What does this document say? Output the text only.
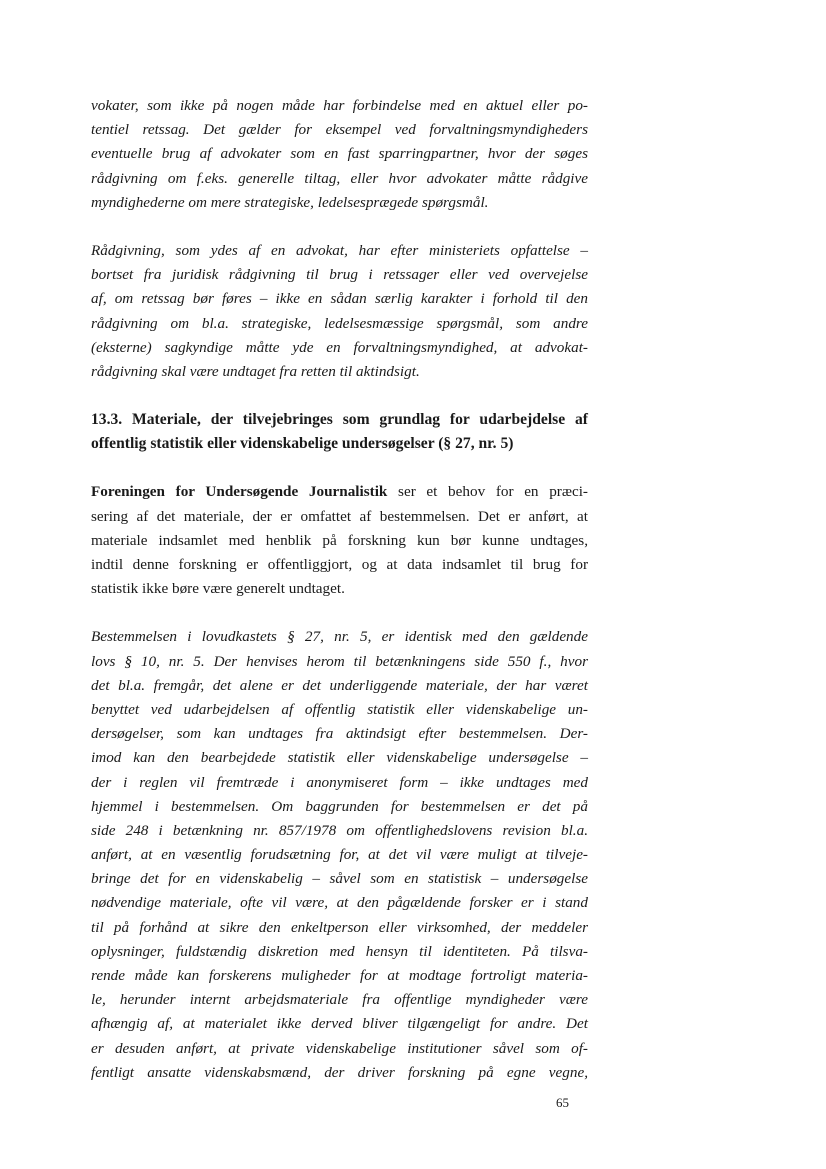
vokater, som ikke på nogen måde har forbindelse med en aktuel eller po-
tentiel retssag. Det gælder for eksempel ved forvaltningsmyndigheders
eventuelle brug af advokater som en fast sparringpartner, hvor der søges
rådgivning om f.eks. generelle tiltag, eller hvor advokater måtte rådgive
myndighederne om mere strategiske, ledelsesprægede spørgsmål.
Rådgivning, som ydes af en advokat, har efter ministeriets opfattelse –
bortset fra juridisk rådgivning til brug i retssager eller ved overvejelse
af, om retssag bør føres – ikke en sådan særlig karakter i forhold til den
rådgivning om bl.a. strategiske, ledelsesmæssige spørgsmål, som andre
(eksterne) sagkyndige måtte yde en forvaltningsmyndighed, at advokat-
rådgivning skal være undtaget fra retten til aktindsigt.
13.3. Materiale, der tilvejebringes som grundlag for udarbejdelse af
offentlig statistik eller videnskabelige undersøgelser (§ 27, nr. 5)
Foreningen for Undersøgende Journalistik ser et behov for en præci-
sering af det materiale, der er omfattet af bestemmelsen. Det er anført, at
materiale indsamlet med henblik på forskning kun bør kunne undtages,
indtil denne forskning er offentliggjort, og at data indsamlet til brug for
statistik ikke børe være generelt undtaget.
Bestemmelsen i lovudkastets § 27, nr. 5, er identisk med den gældende
lovs § 10, nr. 5. Der henvises herom til betænkningens side 550 f., hvor
det bl.a. fremgår, det alene er det underliggende materiale, der har været
benyttet ved udarbejdelsen af offentlig statistik eller videnskabelige un-
dersøgelser, som kan undtages fra aktindsigt efter bestemmelsen. Der-
imod kan den bearbejdede statistik eller videnskabelige undersøgelse –
der i reglen vil fremtræde i anonymiseret form – ikke undtages med
hjemmel i bestemmelsen. Om baggrunden for bestemmelsen er det på
side 248 i betænkning nr. 857/1978 om offentlighedslovens revision bl.a.
anført, at en væsentlig forudsætning for, at det vil være muligt at tilveje-
bringe det for en videnskabelig – såvel som en statistisk – undersøgelse
nødvendige materiale, ofte vil være, at den pågældende forsker er i stand
til på forhånd at sikre den enkeltperson eller virksomhed, der meddeler
oplysninger, fuldstændig diskretion med hensyn til identiteten. På tilsva-
rende måde kan forskerens muligheder for at modtage fortroligt materia-
le, herunder internt arbejdsmateriale fra offentlige myndigheder være
afhængig af, at materialet ikke derved bliver tilgængeligt for andre. Det
er desuden anført, at private videnskabelige institutioner såvel som of-
fentligt ansatte videnskabsmænd, der driver forskning på egne vegne,
65
